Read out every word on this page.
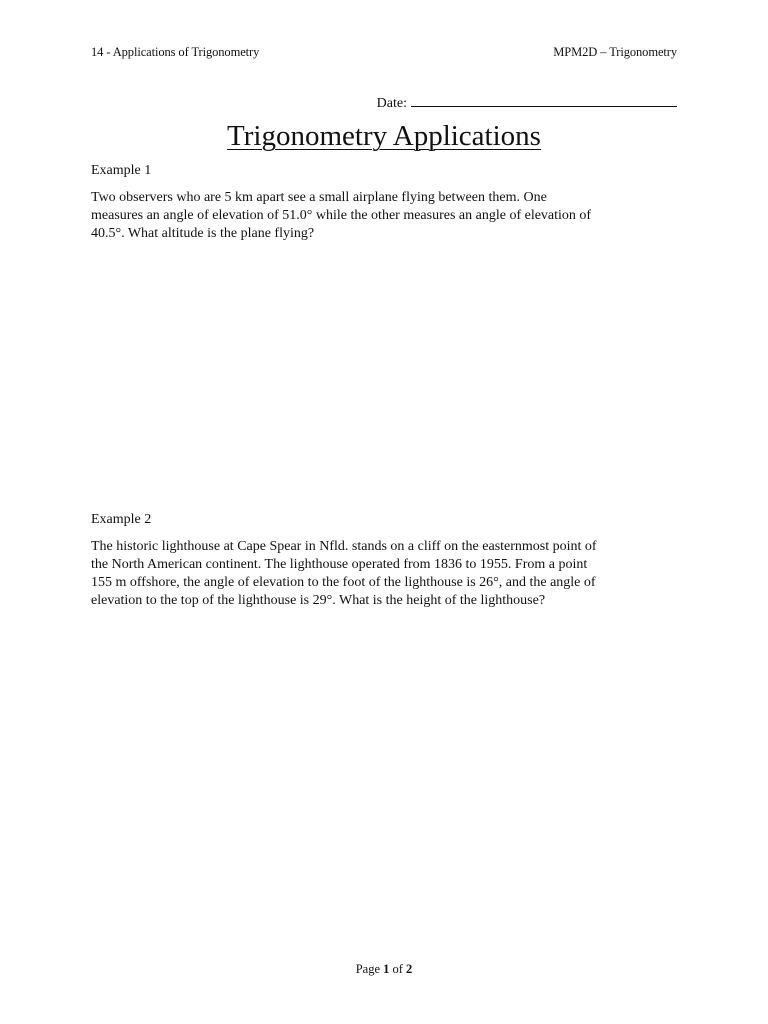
14 - Applications of Trigonometry	MPM2D – Trigonometry
Date:
Trigonometry Applications
Example 1
Two observers who are 5 km apart see a small airplane flying between them. One
measures an angle of elevation of 51.0° while the other measures an angle of elevation of
40.5°. What altitude is the plane flying?
Example 2
The historic lighthouse at Cape Spear in Nfld. stands on a cliff on the easternmost point of
the North American continent. The lighthouse operated from 1836 to 1955. From a point
155 m offshore, the angle of elevation to the foot of the lighthouse is 26°, and the angle of
elevation to the top of the lighthouse is 29°. What is the height of the lighthouse?
Page 1 of 2
